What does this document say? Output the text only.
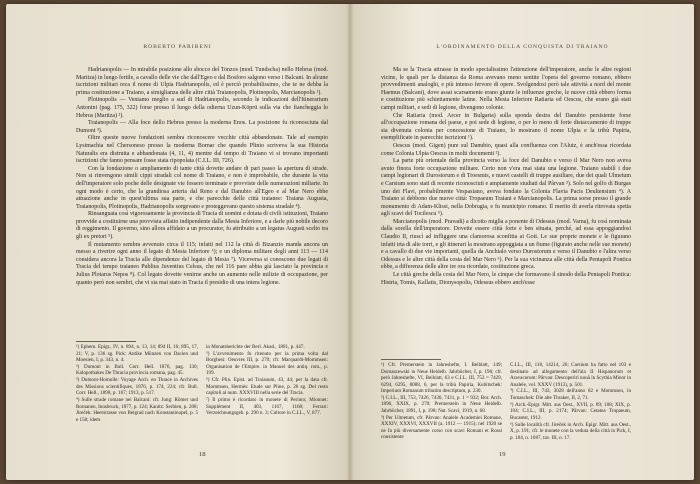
ROBERTO PARIBENI

Hadrianopolis — In mirabile posizione allo sbocco del Tonzos (mod. Tundscha) nello Hebrus (mod. Maritza) in lungo fertile, a cavallo delle vie che dall'Egeo e dal Bosforo salgono verso i Balcani. In alcune iscrizioni militari reca il nome di Ulpia Hadrianopolis, ed è perciò probabilissimo, che te ne debba la prima costituzione a Traiano, a simiglianza delle altre città Traianopolis, Plotinopolis, Marcianopolis ¹).

Plotinopolis — Veniamo meglio a sud di Hadrianopolis, secondo le indicazioni dell'Itinerarium Antonini (pag. 175, 322) forse presso il luogo della odierna Uzun-Köprü sulla via che fiancheggia lo Hebrus (Maritza) ²).

Traianopolis — Alla foce dello Hebrus presso la moderna Enos. La posizione fu riconosciuta dal Dumont ³).

Oltre queste nuove fondazioni sembra riconoscere vecchie città abbandonate. Tale ad esempio Lysimachia nel Chersoneso presso la moderna Bornar che quando Plinio scriveva la sua Historia Naturalis era distrutta e abbandonata (4, 11, 4) mentre dal tempo di Traiano vi si trovano importanti iscrizioni che fanno pensare fosse stata ripopolata (C.I.L. III, 726).

Con la fondazione o ampliamento di tante città dovette andare di pari passo la apertura di strade. Non si rinvengono simili cippi stradali col nome di Traiano, e non è improbabile, che durante la vita dell'imperatore solo poche delle designate vie fossero terminate e provviste delle numerazioni miliarie. In ogni modo è certo, che la grandiosa arteria dal Reno e dal Danubio all'Egeo e al Mar Nero ebbe attuazione anche in quest'ultima sua parte, e che parecchie delle città traianee: Traiana Augusta, Traianopolis, Plotinopolis, Hadrianopolis sorgevano e proteggevano questo sistema stradale ⁴).

Rinsanguata così vigorosamente la provincia di Tracia di uomini e dotata di civili istituzioni, Traiano provvide a costituirne una provvista affatto indipendente dalla Mesia Inferiore, e a darle più nobile decoro di reggimento. Il governo, sino allora affidato a un procurator, fu attribuito a un legatus Augusti scelto tra gli ex pretori ⁵).

Il mutamento sembra avvenuto circa il 115; infatti nel 112 la città di Bizanzio manda ancora un messo a riverire ogni anno il legato di Mesia Inferiore ⁶); e un diploma militare degli anni 113 — 114 considera ancora la Tracia alle dipendenze del legato di Mesia ⁷). Viceversa si conoscono due legati di Tracia del tempo traianeo Publius Juventius Celsus, che nel 116 pare abbia già lasciato la provincia e Julius Plotarus Nepos ⁸). Col legato dovette venirne anche un aumento nelle milizie di occupazione, per quanto però non sembri, che vi sia mai stato in Tracia il presidio di una intera legione.

¹) Ephem. Epigr., IV, n. 894, n. 13, 14; 894 II, 16; 895, 17, 21; V, p. 136 sg. Pick: Antike Münzen von Dacien und Moesien, I, p. 343, n. 4.
²) Dumont in Bull. Corr. Hell. 1876, pag. 130; Kalopothakes De Thracia provincia romana, pag. 45.
³) Dumont-Homolle: Voyage Arch. en Thrace in Archives des Missions scientifiques, 1876, p. 174, 224; cfr. Bull. Corr. Hell., 1898, p. 167; 1913, p. 517.
⁴) Sulle strade romane nei Balcani: cfr. Jung: Römer und Romanen, Innsbruck, 1877, p. 124; Kanitz: Serbien, p. 208; Jireček: Heerstrasse von Belgrad nach Konstantinopel, p. 5 e 150; idem
in Monatsberichte der Berl. Akad., 1881, p. 447.
⁵) L'avvenimento fu ritenuto per la prima volta dal Borghesi: Oeuvres III, p. 270; cfr. Marquardt-Mommsen: Organisation de l'Empire. in Manuel des antiq. rom., p. 199.
⁶) Cfr. Plin. Epist. ad Traianum, 43, 44; per la data cfr. Mommsen, Hermès: Etude sur Pline, p. 26 sg. Del resto capitoli al num. XXXVIII nella serie del Tracia.
⁷) Il primo è ricordato in monete di Perinto; Mionnet: Supplément II, 403, 1167, 1168; Ferrari: Verzeichnungsgeb. p. 290 n. 3; Cultore in C.I.L., V, 877.
18
L'ORDINAMENTO DELLA CONQUISTA DI TRAIANO

Ma se la Tracia attrasse in modo specialissimo l'attenzione dell'imperatore, anche le altre regioni vicine, le quali per la distanza da Roma avevano meno sentite l'opera del governo romano, ebbero provvedimenti analoghi, e più intenso fervore di opere. Svolgendosi però tale attività a nord del monte Haemus (Balcani), dove assai scarsamente erano giunte le influenze greche, le nuove città ebbero forma e costituzione più schiettamente latine. Nella Mesia Inferiore Ratiaria ed Oescus, che erano già stati campi militari, e sedi di legione, divengono colonie.

Che Ratiaria (mod. Arcer in Bulgaria) sulla sponda destra del Danubio persistente forse all'occupazione romana del paese, e poi sede di legione, o per lo meno di forte distaccamento di truppe sia divenuta colonia per concessione di Traiano, lo mostrano il nome Ulpia e la tribù Papiria, esemplificate in parecchie iscrizioni ¹).

Oescus (mod. Gigen) pure sul Danubio, quasi alla confluenza con l'Alutz, è anch'essa ricordata come Colonia Ulpia Oescus in molti documenti ²).

La parte più orientale della provincia verso la foce del Danubio e verso il Mar Nero non aveva avuto finora forte occupazione militare. Certo non v'era mai stata una legione. Traiano stabilì i due campi legionari di Durostorum e di Troesmis, e nuovi castelli di truppe ausiliare, due dei quali Ulmetum e Carsium sono stati di recente riconosciuti e ampiamente studiati dal Pârvan ³). Solo nel golfo di Burgas uno dei Flavi, probabilmente Vespasiano, aveva fondato la Colonia Flavia Pacis Deultensium ⁴). A Traiano si debbono due nuove città: Tropaeum Traiani e Marcianopolis. La prima sorse presso il grande monumento di Adam-Klissi, nella Dobrugia, e fu municipio romano. Il merito di averla ritrovata spetta agli scavi del Tocilescu ⁵).

Marcianopolis (mod. Pravadi) a dicotto miglia a ponente di Odessus (mod. Varna), fu così nominata dalla sorella dell'imperatore. Dovette essere città forte e ben situata, perché, ad essa appoggiandosi Claudio II, riuscì ad infliggere una clamorosa sconfitta ai Goti. Le sue proprie monete e le figurano infatti irta di alte torri, e gli itinerari la mostrano appoggiata a un fiume (figurato anche nelle sue monete) e a cavallo di due vie importanti, quella da Anchialo verso Durostorum e verso il Danubio e l'altra verso Odessus e le altre città della costa del Mar Nero ⁶). Per la sua vicinanza alle città della Pentapoli Pontica ebbe, a differenza delle altre tre ora ricordate, costituzione greca.

Le città greche della costa del Mar Nero, le cinque che formavano il sinodo della Pentapoli Pontica: Histria, Tomis, Kallatis, Dionysopolis, Odessus ebbero anch'esse

¹) Cfr. Premerstein in Jahreshefte, I. Beiblatt, 149; Domaszewski in Neue Heidelb. Jahrbücher, I, p. 196; cfr. però Jahreshefte, VI, Beiblatt, 63 e C.I.L. III, 753 = 7429, 6294, 6295, 8088, 6, per la tribù Papiria, Kubitschek: Imperium Romanum tributim descriptum, p. 230.
²) C.I.L., III, 753, 7426, 7430, 7431, p. 1 = 922; Bor. Arch. 1896, XXIX, p. 270; Premerstein in Neue Heidelb. Jahrbücher, 1891, I, p. 198; Nat. Scavi, 1919, n. 68.
³) Per Ulmetum, cfr. Pârvan: Analele Academiei Romane, XXXIV, XXXVI, XXXVII (a. 1912 — 1915); nel 1920 se ne fa più diversamente corso con scavi Romani et Rossi consistente
C.I.L., III, 118, 14214, 26; Carsium ha fatto nel 103 e destinato ad allogamento dell'ala II Hispanorum et Aravacorum: Pârvan: Descoperiri nouă în Scythia Minor in Analele, vol. XXXV (1913), p. 501.
⁴) C.I.L., III, 743, 3028 dell'anno 82 e Mommsen, in Tomaschek: Die alte Thraker, II, 2, 71.
⁵) Arch.-Epigr. Mitt. aus Oest., XVII, p. 89; 108; XIX, p. 104; C.I.L., III, p. 2174; Pârvan: Cetatea Tropaeum, Bucarest, 1912.
⁶) Sulle località cfr. Jireček in Arch. Epigr. Mitt. aus Oest., X, p. 191; cfr. le monete con la veduta della città in Pick, I, p. 184, n. 1087, tav. III, n. 17.
19
